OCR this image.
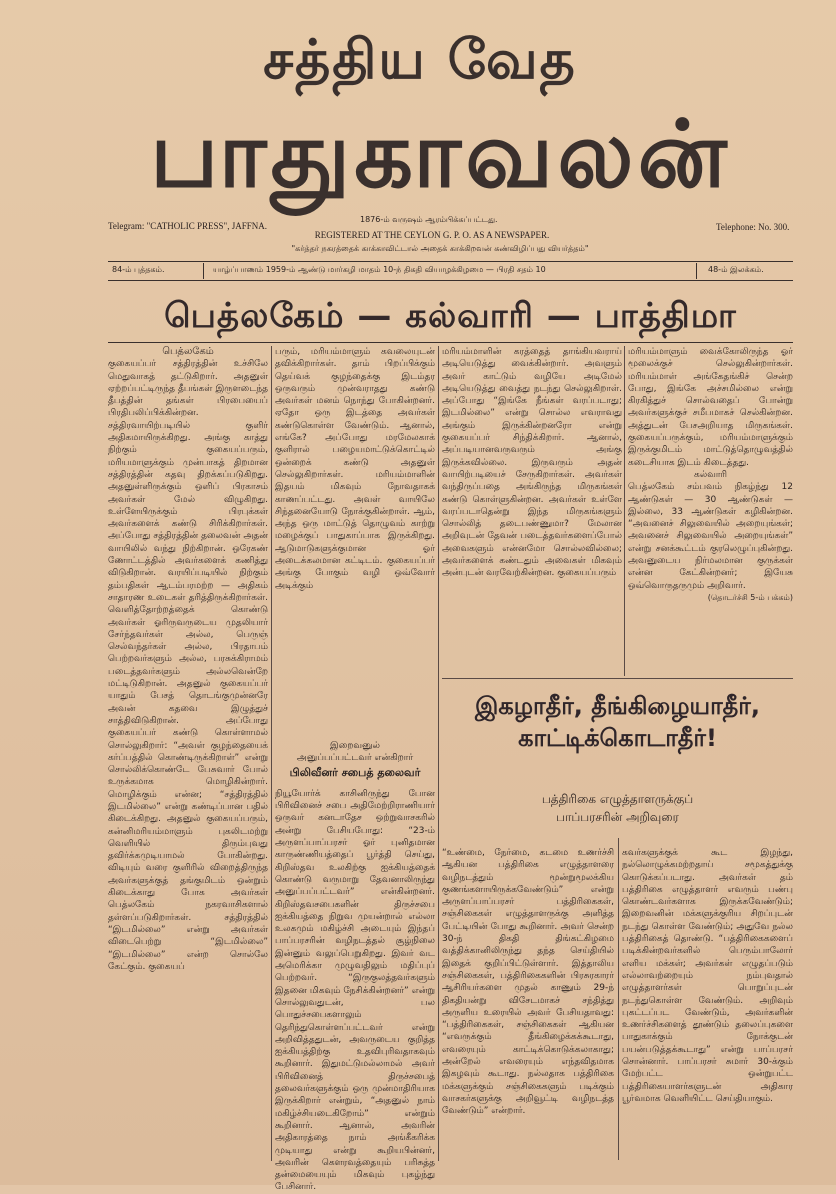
சத்திய வேத
பாதுகாவலன்
Telegram: "CATHOLIC PRESS", JAFFNA.
1876-ம் வருஷம் ஆரம்பிக்கப்பட்டது.
REGISTERED AT THE CEYLON G. P. O. AS A NEWSPAPER.
Telephone: No. 300.
"கர்த்தர் நகரத்தைக் காக்காவிட்டால் அதைக் காக்கிறவன் கண்விழிப்பது வியர்த்தம்"
84-ம் புத்தகம்.	யாழ்ப்பாணம் 1959-ம் ஆண்டு மார்கழி மாதம் 10-ந் திகதி வியாழக்கிழமை — பிரதி சதம் 10	48-ம் இலக்கம்.
பெத்லகேம் — கல்வாரி — பாத்திமா

பெத்லகேம்

குகையப்பர் சத்திரத்தின் உச்சிலே மெதுவாகத் தட்டுகிறார். அதனுள் ஏற்றப்பட்டிருந்த தீபங்கள் இருளடைந்த தீபத்தின் தங்கள் பிரபையைப் பிரதிபலிப்பிக்கின்றன. சத்திரவாயிற்படியில் குளிர் அதிகமாயிருக்கிறது. அங்கு காத்து நிற்கும் குகையப்பரும், மரியமாளுக்கும் முன்பாகத் திறமான சத்திரத்தின் கதவு திறக்கப்படுகிறது. அதனுள்ளிருக்கும் ஒளிப் பிரகாசம் அவர்கள் மேல் விழுகிறது. உள்ளேயிருக்கும் பிரபுக்கள் அவர்களைக் கண்டு சிரிக்கிறார்கள். அப்போது சத்திரத்தின் தலைவன் அதன் வாயிலில் வந்து நிற்கிறான். ஒரேகண் ணோட்டத்தில் அவர்களைக் கணித்து விடுகிறான். வரயிப்படியில் நிற்கும் தம்பதிகள் ஆடம்பரமற்ற — அதிகம் சாதாரண உடைகள் தரித்திருக்கிறார்கள். வெளித்தோற்றத்தைக் கொண்டு அவர்கள் ஓரிருவருடைய முதலியார் சேர்ந்தவர்கள் அல்ல, பெருஞ் செல்வந்தர்கள் அல்ல, பிரதாபம் பெற்றவர்களும் அல்ல, பரசுக்கிராமம் படைத்தவர்களும் அல்லவென்றே மட்டிடுகிறான். அதனுல் குகையப்பர் யாதும் பேசத் தொடங்குமுன்னரே அவன் கதவை இழுத்துச் சாத்திவிடுகிறான். அப்போது குகையப்பர் கண்டு கொள்ளாமல் சொல்லுகிறார்: “அவள் குழந்தையைக் கர்ப்பத்தில் கொண்டிருக்கிறாள்” என்று சொல்லிக்கொண்டே பேசுவார் போல் உருக்கமாக மொழிகின்றார். மொழிக்கும் என்ன; “சத்திரத்தில் இடமில்லை” என்று கண்டிப்பான பதில் கிடைக்கிறது. அதனுல் குகையப்பரும், கன்னிமரியம்மாளும் புகலிடமற்று வெளியில் திரும்புவது தவிர்க்கமுடியாமல் போகின்றது. விடியும் வரை குளிரில் விறைத்திருந்த அவர்களுக்குத் தங்குமிடம் ஒன்றும் கிடைக்காது போக அவர்கள் பெத்லகேம் நகரவாசிகளால் தள்ளப்படுகிறார்கள். சத்திரத்தில் “இடமில்லை” என்று அவர்கள் விடைபெற்று “இடமில்லை” “இடமில்லை” என்ற சொல்லே கேட்கும். குகையப்

பரும், மரியம்மாளும் கவலையுடன் தவிக்கிறார்கள். தாம் பிறப்பிக்கும் தெய்வக் குழந்தைக்கு இடம்தர ஒருவரும் முன்வராதது கண்டு அவர்கள் மனம் நொந்து போகின்றனர். ஏதோ ஒரு இடத்தை அவர்கள் கண்டுகொள்ள வேண்டும். ஆனால், எங்கே? அப்போது மரமேலகாக் குளிரால் பழையமாட்டுக்கொட்டில் ஒன்றைக் கண்டு அதனுள் செல்லுகிறார்கள். மரியம்மாளின் இதயம் மிகவும் நோவதாகக் காணப்பட்டது. அவள் வாயிலே சிந்தனையோடு நோக்குகின்றாள். ஆம், அந்த ஒரு மாட்டுத் தொழுவம் காற்று மழைக்குப் பாதுகாப்பாக இருக்கிறது. ஆடுமாடுகளுக்குமான ஓர் அடைக்கலமான கட்டிடம். குகையப்பர் அங்கு போகும் வழி ஒவ்வோர் அடிக்கும்

இறைவனுல்

அனுப்பப்பட்டவர் என்கிறார்

பிலிவீனர் சபைத் தலைவர்

நியூயோர்க் காசினிருந்து போன பிரிவினைச் சபை அதிமேற்றிராணியார் ஒருவர் கனடாதேச ஒற்றுவாசகரில் அன்று பேசியபோது: “23-ம் அருளப்பாப்பரசர் ஓர் புனிதமான காருண்ணியத்தைப் பூர்த்தி செய்து, கிறிஸ்தவ உலகிற்கு ஐக்கியத்தைக் கொண்டு வருமாறு தேவனாலிருந்து அனுப்பப்பட்டவர்” என்கின்றனர். கிறிஸ்தவசபைகளின் திருச்சபை ஐக்கியத்தை நிறுவ முயன்றால் எல்லா உலகமும் மகிழ்ச்சி அடையும் இந்தப் பாப்பரசரின் வழிநடத்தல் சூழ்நிலை இன்னும் வலுப்பெறுகிறது. இவர் வட அமெரிக்கா முழுவதிலும் மதிப்புப் பெற்றவர். “இருகுலத்தவர்களும் இதனை மிகவும் நேசிக்கின்றனர்” என்று சொல்லுவதுடன், பல பொதுச்சபைகளாலும் தெரிந்துகொள்ளப்பட்டவர் என்று அறிவித்ததுடன், அவருடைய குறித்த ஐக்கியத்திற்கு உதவிபுரிவதாகவும் கூறினார். இதுமட்டுமல்லாமல் அவர் பிரிவினைத் திருச்சபைத் தலைவர்களுக்கும் ஒரு முன்மாதிரியாக இருக்கிறார் என்றும், “அதனுல் நாம் மகிழ்ச்சியடைகிறோம்” என்றும் கூறினார். ஆனால், அவரின் அதிகாரத்தை நாம் அங்கீகரிக்க முடியாது என்று கூறியபின்னர், அவரின் கௌரவத்தையும் பரிசுத்த தன்மையையும் மிகவும் புகழ்ந்து பேசினார்.

மரியம்மாளின் கரத்தைத் தாங்கியவராய் அடியெடுத்து வைக்கின்றார். அவளும் அவர் காட்டும் வழியே அடிமேல் அடியெடுத்து வைத்து நடந்து செல்லுகிறாள். அப்போது “இங்கே நீங்கள் வரப்படாது; இடமில்லை” என்று சொல்ல எவராவது அங்கும் இருக்கின்றனரோ என்று குகையப்பர் சிந்திக்கிறார். ஆனால், அப்படியானவருவரும் அங்கு இருக்கவில்லை. இருவரும் அதன் வாயிற்படியைச் சேருகிறார்கள். அவர்கள் வந்திருப்பதை அங்கிருந்த மிருகங்கள் கண்டு கொள்ளுகின்றன. அவர்கள் உள்ளே வரப்படாதென்று இந்த மிருகங்களும் சொல்லித் தடைபண்ணுமா? மேலான அறிவுடன் தேவன் படைத்தவர்களைப்போல் அவைகளும் என்னமோ சொல்லவில்லை; அவர்களைக் கண்டதும் அவைகள் மிகவும் அன்புடன் வரவேற்கின்றன. குகையப்பரும்

மரியம்மாளும் வைக்கோலிருந்த ஓர் மூலைக்குச் செல்லுகின்றார்கள். மரியம்மாள் அங்கேதங்கிச் சென்ற போது, இங்கே அச்சமில்லை என்று கிரகித்துச் சொல்வதைப் போன்று அவர்களுக்குச் சமீபமாகச் செல்கின்றன. அத்துடன் பேசஅறியாத மிருகங்கள். குகையப்பருக்கும், மரியம்மாளுக்கும் இருக்குமிடம் மாட்டுத்தொழுவத்தில் கடைசியாக இடம் கிடைத்தது.

கல்வாரி

பெத்லகேம் சம்பவம் நிகழ்ந்து 12 ஆண்டுகள் — 30 ஆண்டுகள் — இல்லை, 33 ஆண்டுகள் கழிகின்றன. “அவனைச் சிலுவையில் அறையுங்கள்; அவனைச் சிலுவையில் அறையுங்கள்” என்று சனக்கூட்டம் குரலெழுப்புகின்றது. அவனுடைய நிர்மலமான குருக்கள் என்ன கேட்கின்றனர்; இயேசு ஒவ்வொருதருமும் அறிவார்.

(தொடர்ச்சி 5-ம் பக்கம்)

இகழாதீர், தீங்கிழையாதீர், காட்டிக்கொடாதீர்!
பத்திரிகை எழுத்தாளருக்குப்
பாப்பரசரின் அறிவுரை

“உண்மை, நேர்மை, கடமை உணர்ச்சி ஆகியன பத்திரிகை எழுத்தாளரை வழிநடத்தும் மூன்றுமூலக்கிய குணங்களாயிருக்கவேண்டும்” என்று அருளப்பாப்பரசர் பத்திரிகைகள், சஞ்சிகைகள் எழுத்தாளருக்கு அளித்த பேட்டியின் போது கூறினார். அவர் சென்ற 30-ந் திகதி திங்கட்கிழமை வத்திக்கானிலிருந்து தந்த செய்தியில் இதைக் குறிப்பிட்டுள்ளார். இத்தாலிய சஞ்சிகைகள், பத்திரிகைகளின் பிரசுரகாரர் ஆசிரியர்களை முதல் காணும் 29-ந் திகதியன்று விசேடமாகச் சந்தித்து அருளிய உரையில் அவர் பேசியதாவது: “பத்திரிகைகள், சஞ்சிகைகள் ஆகியன “எவருக்கும் தீங்கிழைக்கக்கூடாது, எவரையும் காட்டிக்கொடுக்கலாகாது; அன்றேல் எவரையும் எந்தவிதமாக இகழவும் கூடாது. நல்லதாக பத்திரிகை மக்களுக்கும் சஞ்சிகைகளும் படிக்கும் வாசகர்களுக்கு அறிவூட்டி வழிநடத்த வேண்டும்” என்றார்.

கவர்களுக்குக் கூட இழந்து, நல்லொழுக்கமற்றதாய் சமூகத்துக்கு கொடுக்கப்படாது. அவர்கள் தம் பத்திரிகை எழுத்தாளர் எவரும் பண்பு கொண்டவர்களாக இருக்கவேண்டும்; இறைவனின் மக்களுக்குரிய சிறப்புடன் நடந்து கொள்ள வேண்டும்; அதுவே நல்ல பத்திரிகைத் தொண்டு. “பத்திரிகைகளைப் படிக்கின்றவர்களில் பெரும்பாலோர் எளிய மக்கள்; அவர்கள் எழுதப்படும் எல்லாவற்றையும் நம்புவதால் எழுத்தாளர்கள் பொறுப்புடன் நடந்துகொள்ள வேண்டும். அறிவும் புகட்டப்பட வேண்டும், அவர்களின் உணர்ச்சிகளைத் தூண்டும் தலைப்புகளை பாதுகாக்கும் நோக்குடன் பயன்படுத்தக்கூடாது” என்று பாப்பரசர் சொன்னார். பாப்பரசர் சுமார் 30-க்கும் மேற்பட்ட ஒன்றுபட்ட பத்திரிகையாளர்களுடன் அதிகார பூர்வமாக வெளியிட்ட செய்தியாகும்.
